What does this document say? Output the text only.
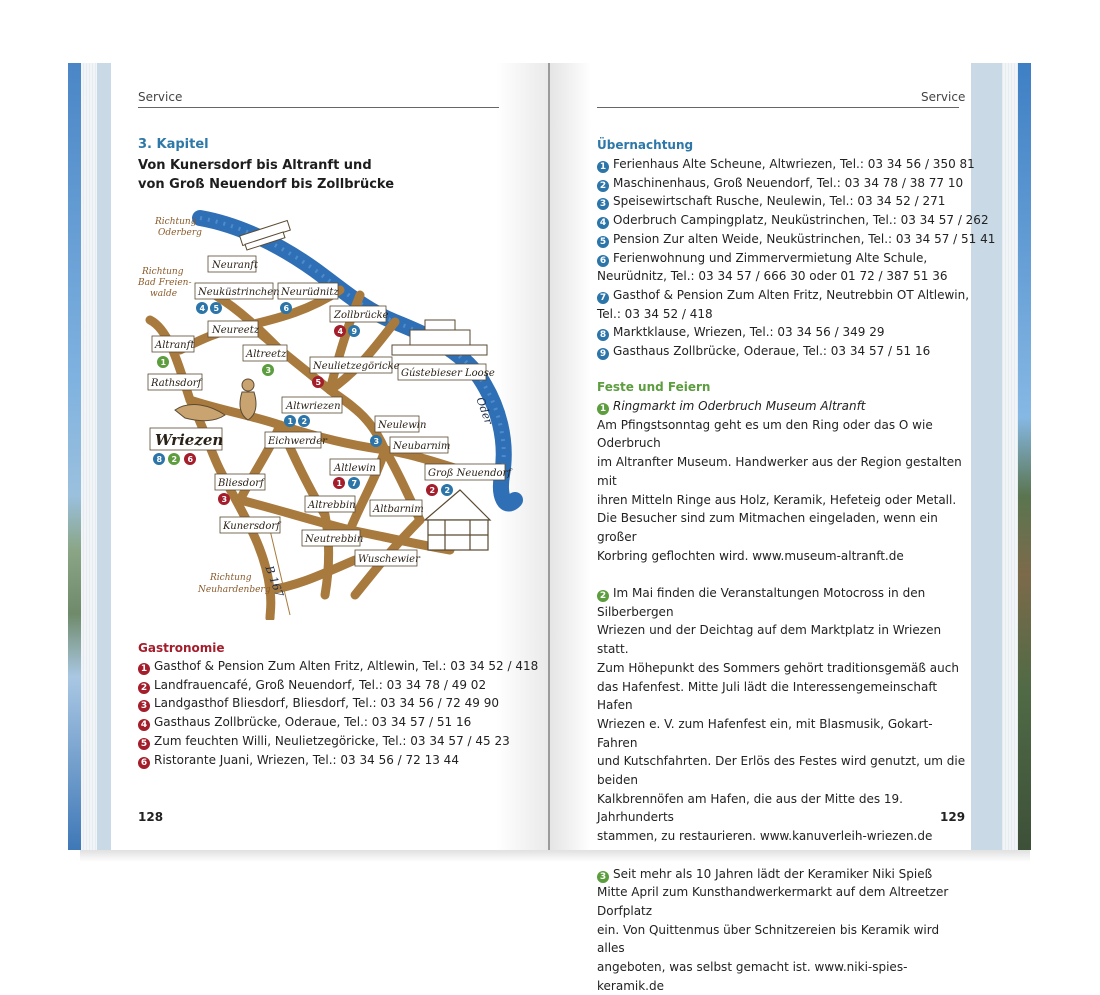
Service
3. Kapitel
Von Kunersdorf bis Altranft und
von Groß Neuendorf bis Zollbrücke
Neuranft
Neuküstrinchen Neurüdnitz
Zollbrücke
Neureetz
Altranft
Altreetz
Neulietzegöricke
Gústebieser Loose
Rathsdorf
Altwriezen
Wriezen	Eichwerder
Neulewin
Neubarnim
Altlewin	Groß Neuendorf
Bliesdorf
Altbarnim
Altrebbin
Kunersdorf
Neutrebbin
Wuschewier
Oder
B 167
Richtung
Oderberg
Richtung
Bad Freien-
walde
Richtung
Neuhardenberg
4 5	6
4 9
1
3
5
1 2
8 2 6
3
1 7
2 2
3
Gastronomie
1 Gasthof & Pension Zum Alten Fritz, Altlewin, Tel.: 03 34 52 / 418
2 Landfrauencafé, Groß Neuendorf, Tel.: 03 34 78 / 49 02
3 Landgasthof Bliesdorf, Bliesdorf, Tel.: 03 34 56 / 72 49 90
4 Gasthaus Zollbrücke, Oderaue, Tel.: 03 34 57 / 51 16
5 Zum feuchten Willi, Neulietzegöricke, Tel.: 03 34 57 / 45 23
6 Ristorante Juani, Wriezen, Tel.: 03 34 56 / 72 13 44
128
Service
Übernachtung
1 Ferienhaus Alte Scheune, Altwriezen, Tel.: 03 34 56 / 350 81
2 Maschinenhaus, Groß Neuendorf, Tel.: 03 34 78 / 38 77 10
3 Speisewirtschaft Rusche, Neulewin, Tel.: 03 34 52 / 271
4 Oderbruch Campingplatz, Neuküstrinchen, Tel.: 03 34 57 / 262
5 Pension Zur alten Weide, Neuküstrinchen, Tel.: 03 34 57 / 51 41
6 Ferienwohnung und Zimmervermietung Alte Schule,
Neurüdnitz, Tel.: 03 34 57 / 666 30 oder 01 72 / 387 51 36
7 Gasthof & Pension Zum Alten Fritz, Neutrebbin OT Altlewin,
Tel.: 03 34 52 / 418
8 Marktklause, Wriezen, Tel.: 03 34 56 / 349 29
9 Gasthaus Zollbrücke, Oderaue, Tel.: 03 34 57 / 51 16
Feste und Feiern

1 Ringmarkt im Oderbruch Museum Altranft

Am Pfingstsonntag geht es um den Ring oder das O wie Oderbruch

im Altranfter Museum. Handwerker aus der Region gestalten mit

ihren Mitteln Ringe aus Holz, Keramik, Hefeteig oder Metall.

Die Besucher sind zum Mitmachen eingeladen, wenn ein großer

Korbring geflochten wird. www.museum-altranft.de

2 Im Mai finden die Veranstaltungen Motocross in den Silberbergen

Wriezen und der Deichtag auf dem Marktplatz in Wriezen statt.

Zum Höhepunkt des Sommers gehört traditionsgemäß auch

das Hafenfest. Mitte Juli lädt die Interessengemeinschaft Hafen

Wriezen e. V. zum Hafenfest ein, mit Blasmusik, Gokart-Fahren

und Kutschfahrten. Der Erlös des Festes wird genutzt, um die beiden

Kalkbrennöfen am Hafen, die aus der Mitte des 19. Jahrhunderts

stammen, zu restaurieren. www.kanuverleih-wriezen.de

3 Seit mehr als 10 Jahren lädt der Keramiker Niki Spieß

Mitte April zum Kunsthandwerkermarkt auf dem Altreetzer Dorfplatz

ein. Von Quittenmus über Schnitzereien bis Keramik wird alles

angeboten, was selbst gemacht ist. www.niki-spies-keramik.de

129
